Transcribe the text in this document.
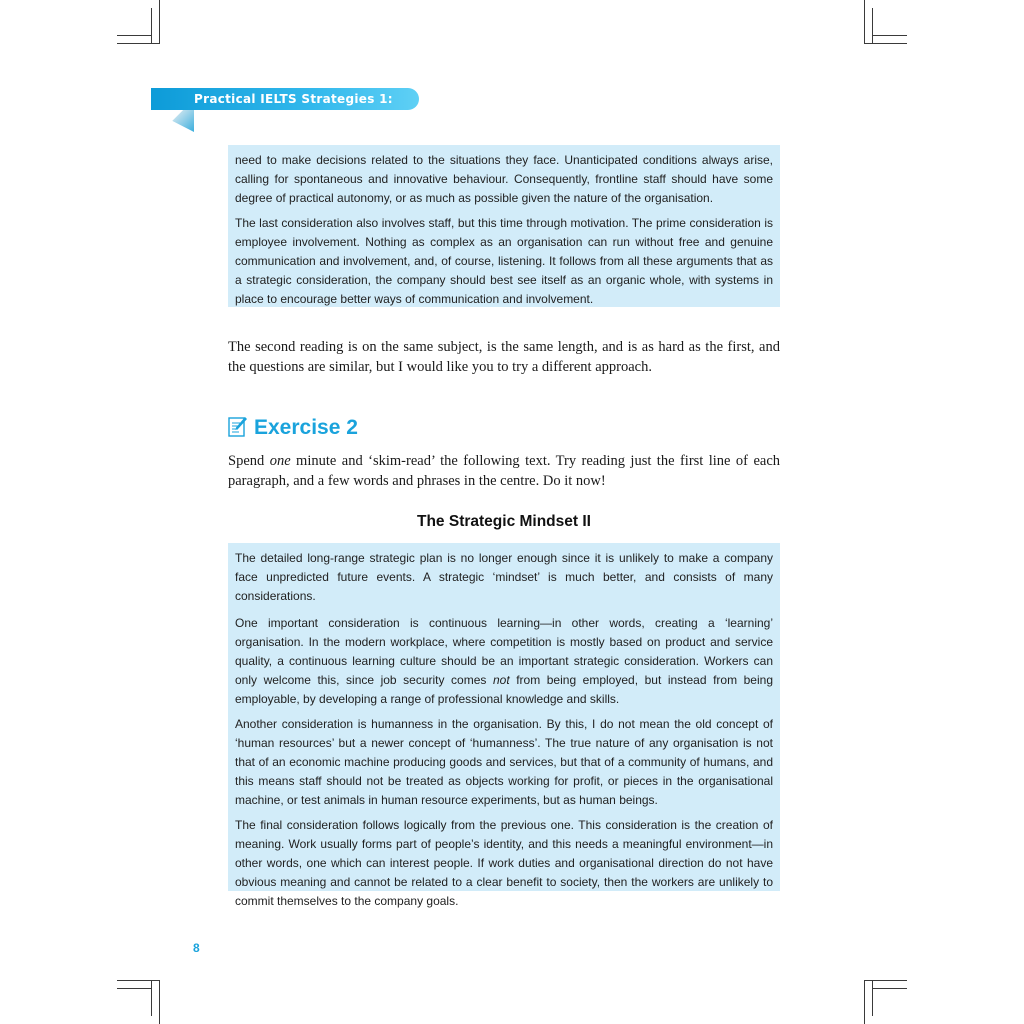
Practical IELTS Strategies 1: Reading

need to make decisions related to the situations they face. Unanticipated conditions always arise, calling for spontaneous and innovative behaviour. Consequently, frontline staff should have some degree of practical autonomy, or as much as possible given the nature of the organisation.

The last consideration also involves staff, but this time through motivation. The prime consideration is employee involvement. Nothing as complex as an organisation can run without free and genuine communication and involvement, and, of course, listening. It follows from all these arguments that as a strategic consideration, the company should best see itself as an organic whole, with systems in place to encourage better ways of communication and involvement.

The second reading is on the same subject, is the same length, and is as hard as the first, and the questions are similar, but I would like you to try a different approach.

Exercise 2

Spend one minute and ‘skim-read’ the following text. Try reading just the first line of each paragraph, and a few words and phrases in the centre. Do it now!

The Strategic Mindset II

The detailed long-range strategic plan is no longer enough since it is unlikely to make a company face unpredicted future events. A strategic ‘mindset’ is much better, and consists of many considerations.

One important consideration is continuous learning—in other words, creating a ‘learning’ organisation. In the modern workplace, where competition is mostly based on product and service quality, a continuous learning culture should be an important strategic consideration. Workers can only welcome this, since job security comes not from being employed, but instead from being employable, by developing a range of professional knowledge and skills.

Another consideration is humanness in the organisation. By this, I do not mean the old concept of ‘human resources’ but a newer concept of ‘humanness’. The true nature of any organisation is not that of an economic machine producing goods and services, but that of a community of humans, and this means staff should not be treated as objects working for profit, or pieces in the organisational machine, or test animals in human resource experiments, but as human beings.

The final consideration follows logically from the previous one. This consideration is the creation of meaning. Work usually forms part of people’s identity, and this needs a meaningful environment—in other words, one which can interest people. If work duties and organisational direction do not have obvious meaning and cannot be related to a clear benefit to society, then the workers are unlikely to commit themselves to the company goals.

8
